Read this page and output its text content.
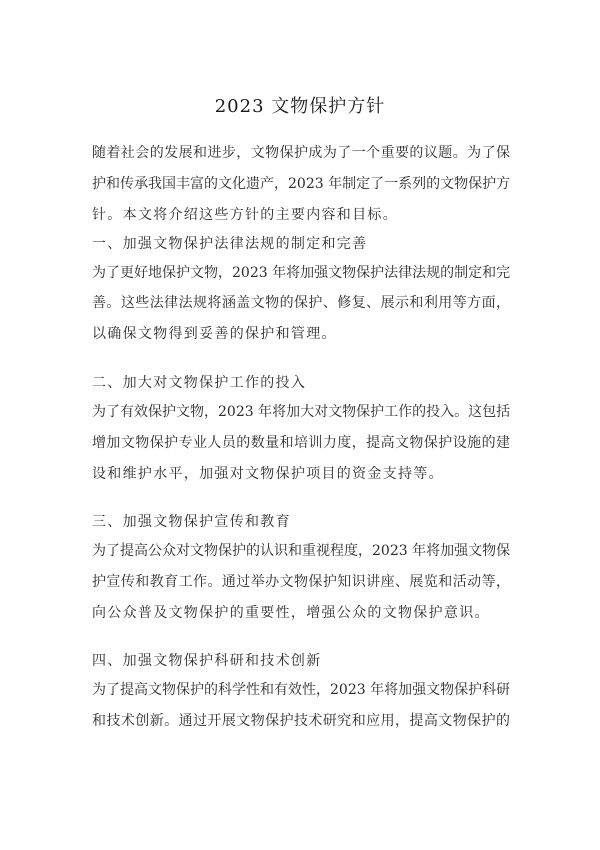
2023 文物保护方针
随着社会的发展和进步，文物保护成为了一个重要的议题。为了保
护和传承我国丰富的文化遗产，2023 年制定了一系列的文物保护方
针。本文将介绍这些方针的主要内容和目标。
一、加强文物保护法律法规的制定和完善
为了更好地保护文物，2023 年将加强文物保护法律法规的制定和完
善。这些法律法规将涵盖文物的保护、修复、展示和利用等方面，
以确保文物得到妥善的保护和管理。
二、加大对文物保护工作的投入
为了有效保护文物，2023 年将加大对文物保护工作的投入。这包括
增加文物保护专业人员的数量和培训力度，提高文物保护设施的建
设和维护水平，加强对文物保护项目的资金支持等。
三、加强文物保护宣传和教育
为了提高公众对文物保护的认识和重视程度，2023 年将加强文物保
护宣传和教育工作。通过举办文物保护知识讲座、展览和活动等，
向公众普及文物保护的重要性，增强公众的文物保护意识。
四、加强文物保护科研和技术创新
为了提高文物保护的科学性和有效性，2023 年将加强文物保护科研
和技术创新。通过开展文物保护技术研究和应用，提高文物保护的
